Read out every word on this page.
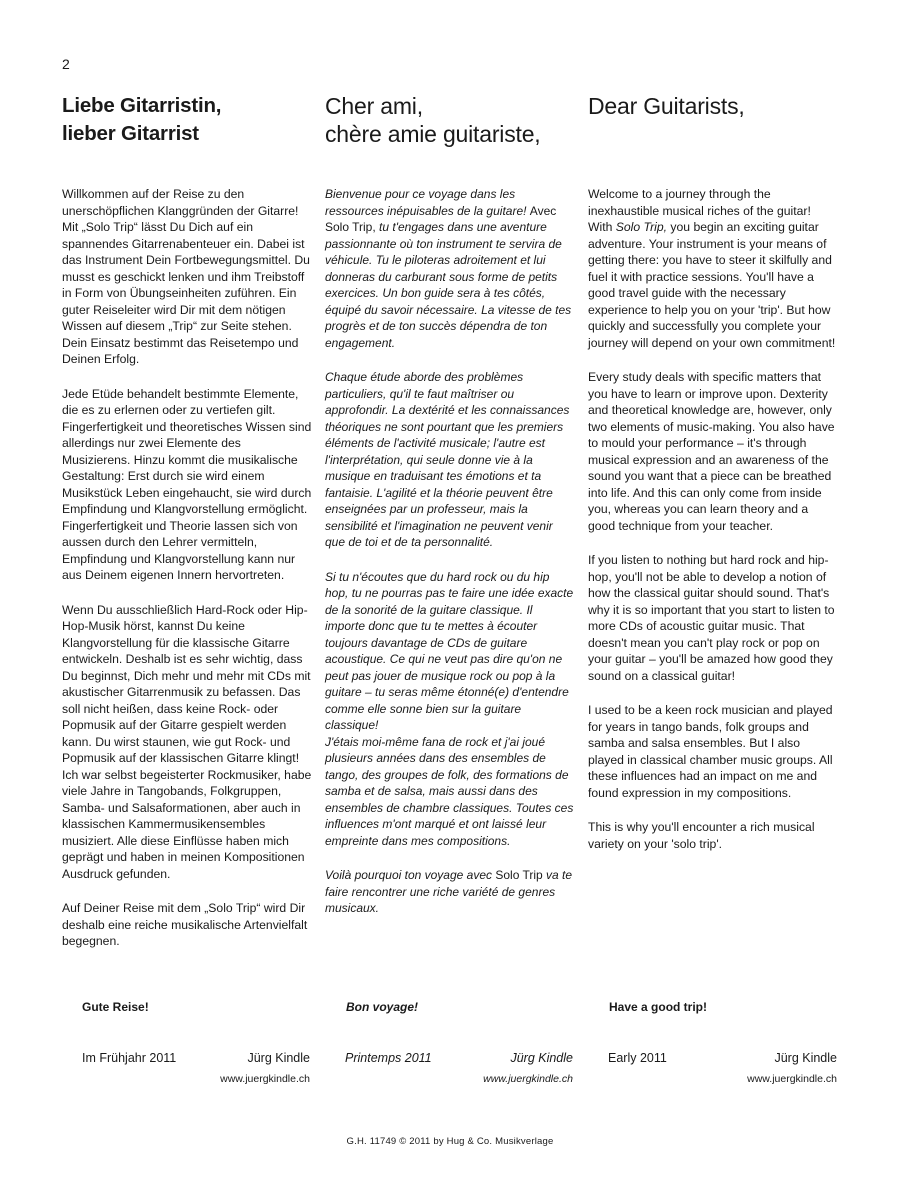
2
Liebe Gitarristin,
lieber Gitarrist

Willkommen auf der Reise zu den unerschöpflichen Klanggründen der Gitarre! Mit „Solo Trip“ lässt Du Dich auf ein spannendes Gitarrenabenteuer ein. Dabei ist das Instrument Dein Fortbewegungsmittel. Du musst es geschickt lenken und ihm Treibstoff in Form von Übungseinheiten zuführen. Ein guter Reiseleiter wird Dir mit dem nötigen Wissen auf diesem „Trip“ zur Seite stehen. Dein Einsatz bestimmt das Reisetempo und Deinen Erfolg.

Jede Etüde behandelt bestimmte Elemente, die es zu erlernen oder zu vertiefen gilt. Fingerfertigkeit und theoretisches Wissen sind allerdings nur zwei Elemente des Musizierens. Hinzu kommt die musikalische Gestaltung: Erst durch sie wird einem Musikstück Leben eingehaucht, sie wird durch Empfindung und Klangvorstellung ermöglicht. Fingerfertigkeit und Theorie lassen sich von aussen durch den Lehrer vermitteln, Empfindung und Klangvorstellung kann nur aus Deinem eigenen Innern hervortreten.

Wenn Du ausschließlich Hard-Rock oder Hip-Hop-Musik hörst, kannst Du keine Klangvorstellung für die klassische Gitarre entwickeln. Deshalb ist es sehr wichtig, dass Du beginnst, Dich mehr und mehr mit CDs mit akustischer Gitarrenmusik zu befassen. Das soll nicht heißen, dass keine Rock- oder Popmusik auf der Gitarre gespielt werden kann. Du wirst staunen, wie gut Rock- und Popmusik auf der klassischen Gitarre klingt!

Ich war selbst begeisterter Rockmusiker, habe viele Jahre in Tangobands, Folkgruppen, Samba- und Salsaformationen, aber auch in klassischen Kammermusikensembles musiziert. Alle diese Einflüsse haben mich geprägt und haben in meinen Kompositionen Ausdruck gefunden.

Auf Deiner Reise mit dem „Solo Trip“ wird Dir deshalb eine reiche musikalische Artenvielfalt begegnen.

Cher ami,
chère amie guitariste,

Bienvenue pour ce voyage dans les ressources inépuisables de la guitare! Avec Solo Trip, tu t'engages dans une aventure passionnante où ton instrument te servira de véhicule. Tu le piloteras adroitement et lui donneras du carburant sous forme de petits exercices. Un bon guide sera à tes côtés, équipé du savoir nécessaire. La vitesse de tes progrès et de ton succès dépendra de ton engagement.

Chaque étude aborde des problèmes particuliers, qu'il te faut maîtriser ou approfondir. La dextérité et les connaissances théoriques ne sont pourtant que les premiers éléments de l'activité musicale; l'autre est l'interprétation, qui seule donne vie à la musique en traduisant tes émotions et ta fantaisie. L'agilité et la théorie peuvent être enseignées par un professeur, mais la sensibilité et l'imagination ne peuvent venir que de toi et de ta personnalité.

Si tu n'écoutes que du hard rock ou du hip hop, tu ne pourras pas te faire une idée exacte de la sonorité de la guitare classique. Il importe donc que tu te mettes à écouter toujours davantage de CDs de guitare acoustique. Ce qui ne veut pas dire qu'on ne peut pas jouer de musique rock ou pop à la guitare – tu seras même étonné(e) d'entendre comme elle sonne bien sur la guitare classique!

J'étais moi-même fana de rock et j'ai joué plusieurs années dans des ensembles de tango, des groupes de folk, des formations de samba et de salsa, mais aussi dans des ensembles de chambre classiques. Toutes ces influences m'ont marqué et ont laissé leur empreinte dans mes compositions.

Voilà pourquoi ton voyage avec Solo Trip va te faire rencontrer une riche variété de genres musicaux.

Dear Guitarists,

Welcome to a journey through the inexhaustible musical riches of the guitar! With Solo Trip, you begin an exciting guitar adventure. Your instrument is your means of getting there: you have to steer it skilfully and fuel it with practice sessions. You'll have a good travel guide with the necessary experience to help you on your 'trip'. But how quickly and successfully you complete your journey will depend on your own commitment!

Every study deals with specific matters that you have to learn or improve upon. Dexterity and theoretical knowledge are, however, only two elements of music-making. You also have to mould your performance – it's through musical expression and an awareness of the sound you want that a piece can be breathed into life. And this can only come from inside you, whereas you can learn theory and a good technique from your teacher.

If you listen to nothing but hard rock and hip-hop, you'll not be able to develop a notion of how the classical guitar should sound. That's why it is so important that you start to listen to more CDs of acoustic guitar music. That doesn't mean you can't play rock or pop on your guitar – you'll be amazed how good they sound on a classical guitar!

I used to be a keen rock musician and played for years in tango bands, folk groups and samba and salsa ensembles. But I also played in classical chamber music groups. All these influences had an impact on me and found expression in my compositions.

This is why you'll encounter a rich musical variety on your 'solo trip'.

Gute Reise!	Bon voyage!	Have a good trip!
Im Frühjahr 2011	Jürg Kindle
www.juergkindle.ch
Printemps 2011	Jürg Kindle
www.juergkindle.ch
Early 2011	Jürg Kindle
www.juergkindle.ch
G.H. 11749 © 2011 by Hug & Co. Musikverlage
